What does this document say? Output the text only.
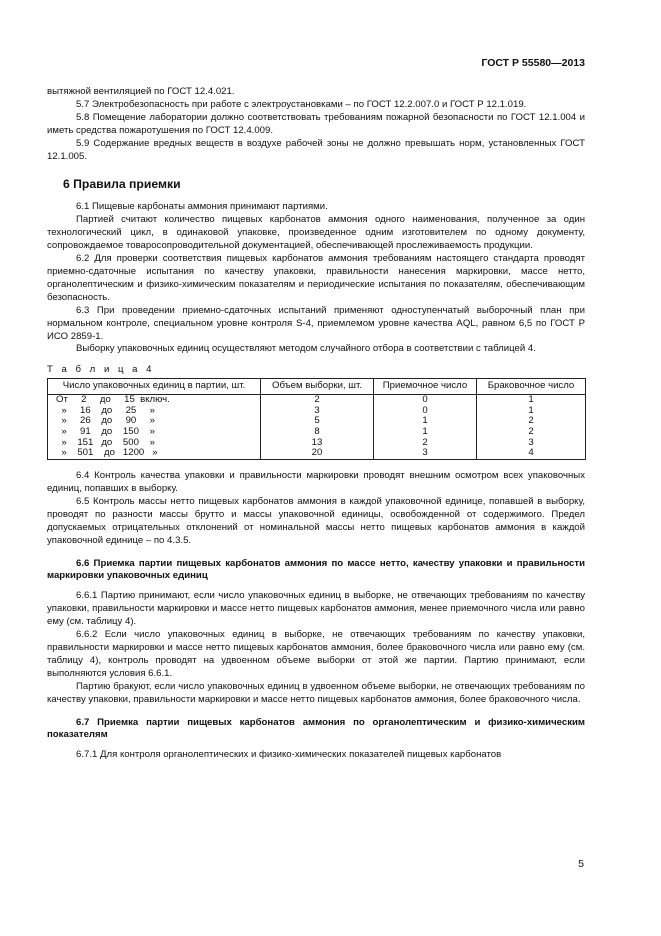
ГОСТ Р 55580—2013

вытяжной вентиляцией по ГОСТ 12.4.021.

5.7 Электробезопасность при работе с электроустановками – по ГОСТ 12.2.007.0 и ГОСТ Р 12.1.019.

5.8 Помещение лаборатории должно соответствовать требованиям пожарной безопасности по ГОСТ 12.1.004 и иметь средства пожаротушения по ГОСТ 12.4.009.

5.9 Содержание вредных веществ в воздухе рабочей зоны не должно превышать норм, установленных ГОСТ 12.1.005.

6 Правила приемки

6.1 Пищевые карбонаты аммония принимают партиями.

Партией считают количество пищевых карбонатов аммония одного наименования, полученное за один технологический цикл, в одинаковой упаковке, произведенное одним изготовителем по одному документу, сопровождаемое товаросопроводительной документацией, обеспечивающей прослеживаемость продукции.

6.2 Для проверки соответствия пищевых карбонатов аммония требованиям настоящего стандарта проводят приемно-сдаточные испытания по качеству упаковки, правильности нанесения маркировки, массе нетто, органолептическим и физико-химическим показателям и периодические испытания по показателям, обеспечивающим безопасность.

6.3 При проведении приемно-сдаточных испытаний применяют одноступенчатый выборочный план при нормальном контроле, специальном уровне контроля S-4, приемлемом уровне качества AQL, равном 6,5 по ГОСТ Р ИСО 2859-1.

Выборку упаковочных единиц осуществляют методом случайного отбора в соответствии с таблицей 4.

Т а б л и ц а 4

Число упаковочных единиц в партии, шт.	Объем выборки, шт.	Приемочное число	Браковочное число
От     2     до     15  включ.	2	0	1
»     16    до     25     »	3	0	1
»     26    до     90     »	5	1	2
»     91    до    150    »	8	1	2
»    151   до    500    »	13	2	3
»    501    до   1200   »	20	3	4

6.4 Контроль качества упаковки и правильности маркировки проводят внешним осмотром всех упаковочных единиц, попавших в выборку.

6.5 Контроль массы нетто пищевых карбонатов аммония в каждой упаковочной единице, попавшей в выборку, проводят по разности массы брутто и массы упаковочной единицы, освобожденной от содержимого. Предел допускаемых отрицательных отклонений от номинальной массы нетто пищевых карбонатов аммония в каждой упаковочной единице – по 4.3.5.

6.6 Приемка партии пищевых карбонатов аммония по массе нетто, качеству упаковки и правильности маркировки упаковочных единиц

6.6.1 Партию принимают, если число упаковочных единиц в выборке, не отвечающих требованиям по качеству упаковки, правильности маркировки и массе нетто пищевых карбонатов аммония, менее приемочного числа или равно ему (см. таблицу 4).

6.6.2 Если число упаковочных единиц в выборке, не отвечающих требованиям по качеству упаковки, правильности маркировки и массе нетто пищевых карбонатов аммония, более браковочного числа или равно ему (см. таблицу 4), контроль проводят на удвоенном объеме выборки от этой же партии. Партию принимают, если выполняются условия 6.6.1.

Партию бракуют, если число упаковочных единиц в удвоенном объеме выборки, не отвечающих требованиям по качеству упаковки, правильности маркировки и массе нетто пищевых карбонатов аммония, более браковочного числа.

6.7 Приемка партии пищевых карбонатов аммония по органолептическим и физико-химическим показателям

6.7.1 Для контроля органолептических и физико-химических показателей пищевых карбонатов

5
